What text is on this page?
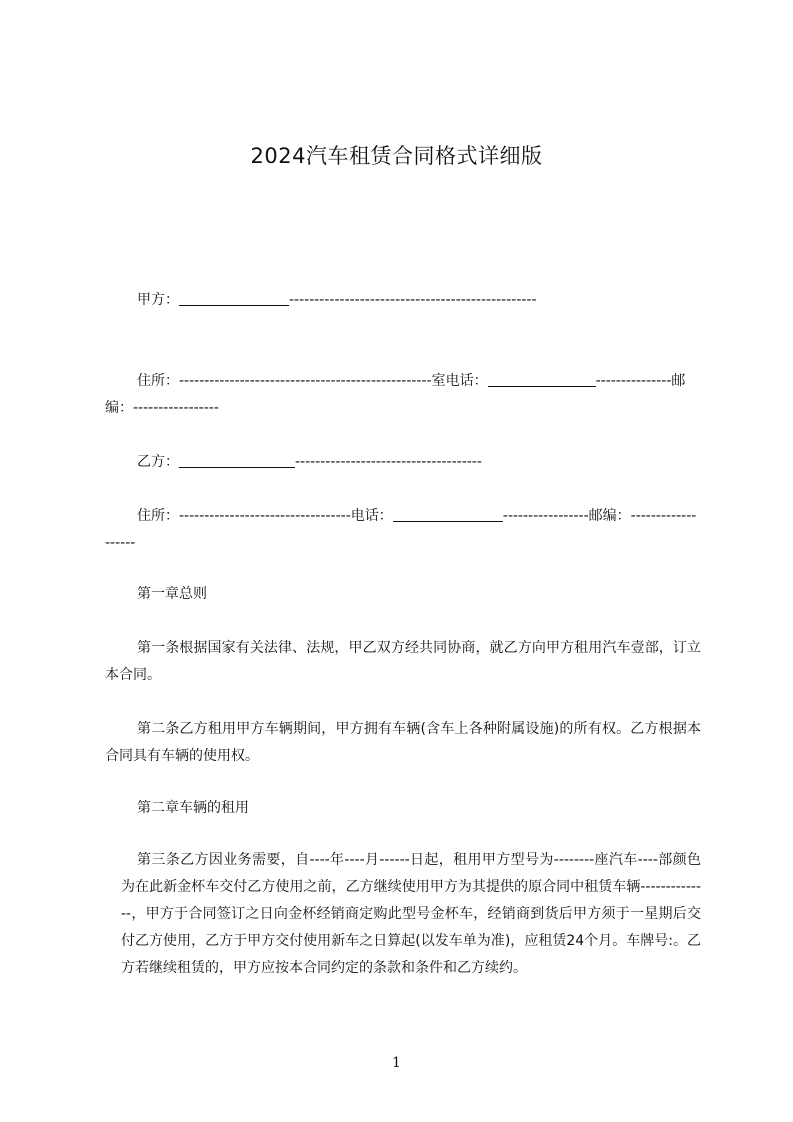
2024汽车租赁合同格式详细版

甲方：	-------------------------------------------------

住所：--------------------------------------------------室电话：	---------------邮编：-----------------

乙方：	-------------------------------------

住所：----------------------------------电话：	-----------------邮编：-------------------

第一章总则

第一条根据国家有关法律、法规，甲乙双方经共同协商，就乙方向甲方租用汽车壹部，订立本合同。

第二条乙方租用甲方车辆期间，甲方拥有车辆(含车上各种附属设施)的所有权。乙方根据本合同具有车辆的使用权。

第二章车辆的租用

第三条乙方因业务需要，自----年----月------日起，租用甲方型号为--------座汽车----部颜色为在此新金杯车交付乙方使用之前，乙方继续使用甲方为其提供的原合同中租赁车辆--------------，甲方于合同签订之日向金杯经销商定购此型号金杯车，经销商到货后甲方须于一星期后交付乙方使用，乙方于甲方交付使用新车之日算起(以发车单为准)，应租赁24个月。车牌号:。乙方若继续租赁的，甲方应按本合同约定的条款和条件和乙方续约。

1
